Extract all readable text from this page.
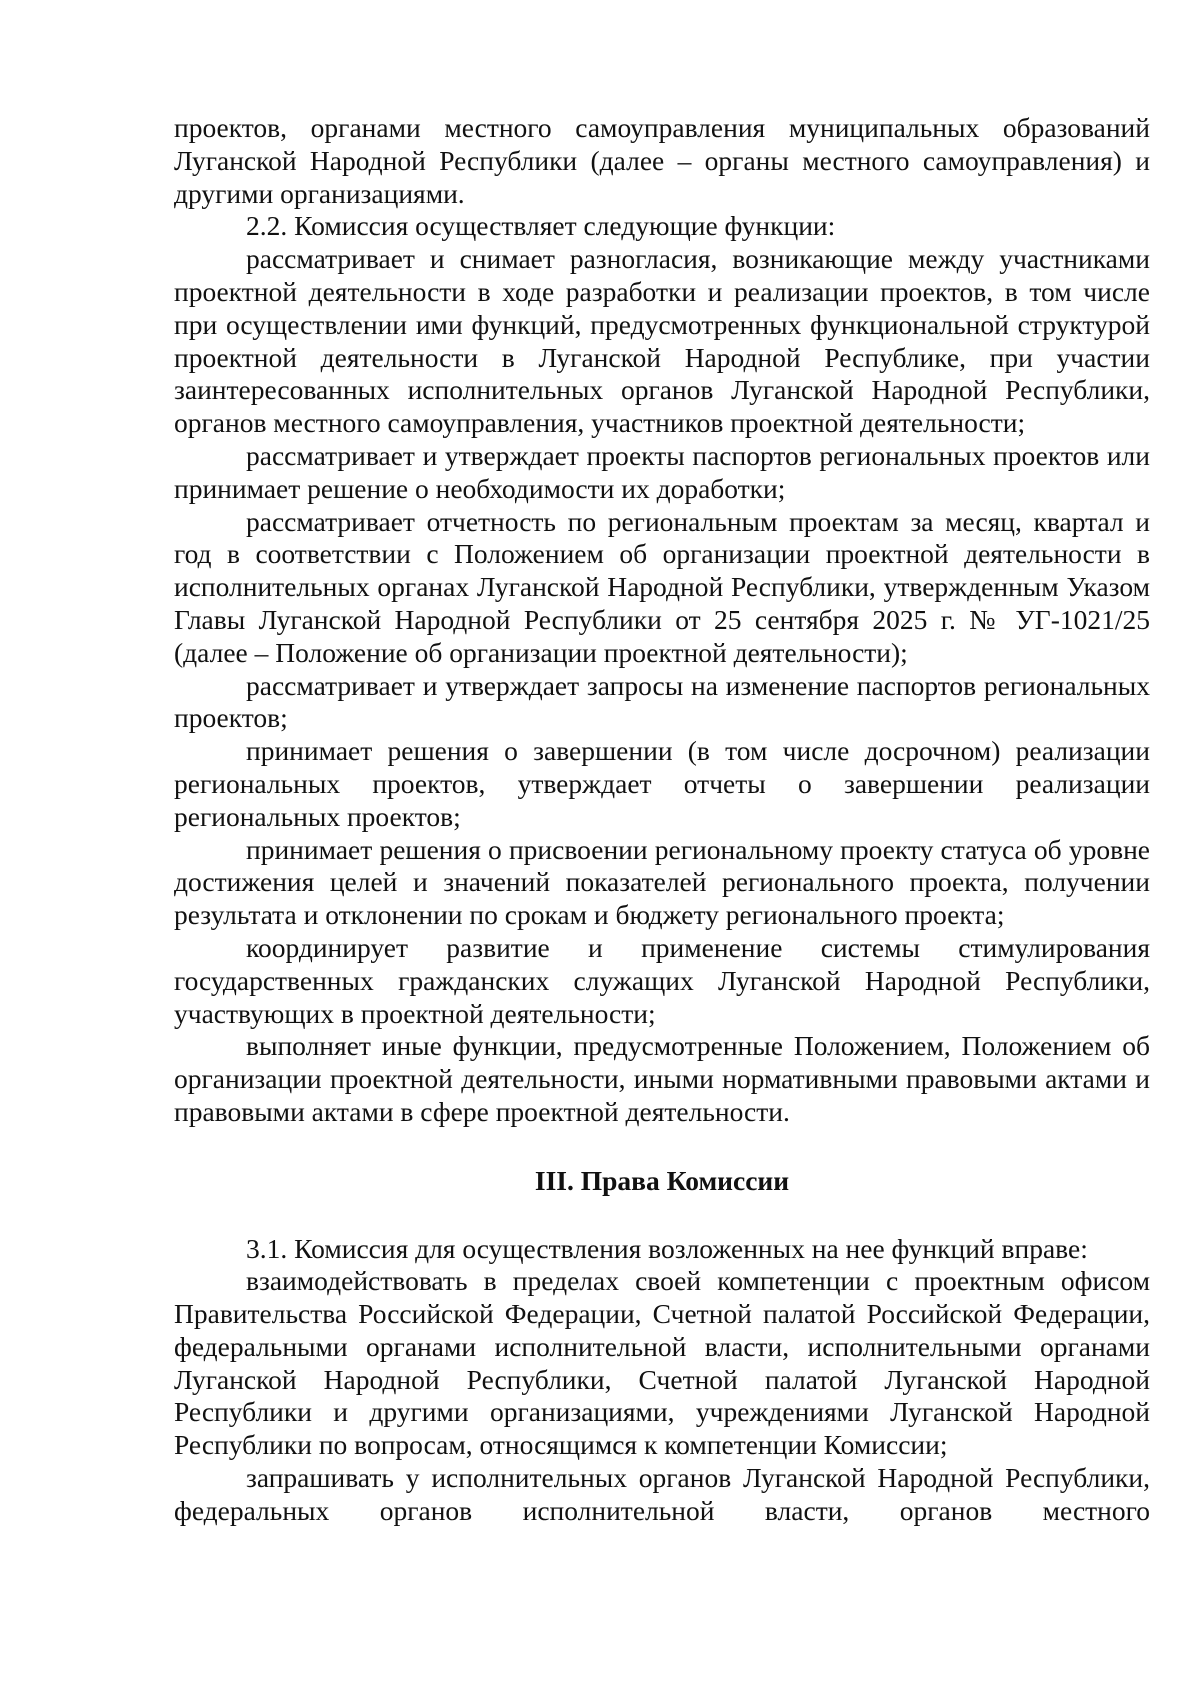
проектов, органами местного самоуправления муниципальных образований Луганской Народной Республики (далее – органы местного самоуправления) и другими организациями.

2.2. Комиссия осуществляет следующие функции:

рассматривает и снимает разногласия, возникающие между участниками проектной деятельности в ходе разработки и реализации проектов, в том числе при осуществлении ими функций, предусмотренных функциональной структурой проектной деятельности в Луганской Народной Республике, при участии заинтересованных исполнительных органов Луганской Народной Республики, органов местного самоуправления, участников проектной деятельности;

рассматривает и утверждает проекты паспортов региональных проектов или принимает решение о необходимости их доработки;

рассматривает отчетность по региональным проектам за месяц, квартал и год в соответствии с Положением об организации проектной деятельности в исполнительных органах Луганской Народной Республики, утвержденным Указом Главы Луганской Народной Республики от 25 сентября 2025 г. № УГ-1021/25 (далее – Положение об организации проектной деятельности);

рассматривает и утверждает запросы на изменение паспортов региональных проектов;

принимает решения о завершении (в том числе досрочном) реализации региональных проектов, утверждает отчеты о завершении реализации региональных проектов;

принимает решения о присвоении региональному проекту статуса об уровне достижения целей и значений показателей регионального проекта, получении результата и отклонении по срокам и бюджету регионального проекта;

координирует развитие и применение системы стимулирования государственных гражданских служащих Луганской Народной Республики, участвующих в проектной деятельности;

выполняет иные функции, предусмотренные Положением, Положением об организации проектной деятельности, иными нормативными правовыми актами и правовыми актами в сфере проектной деятельности.

III. Права Комиссии

3.1. Комиссия для осуществления возложенных на нее функций вправе:

взаимодействовать в пределах своей компетенции с проектным офисом Правительства Российской Федерации, Счетной палатой Российской Федерации, федеральными органами исполнительной власти, исполнительными органами Луганской Народной Республики, Счетной палатой Луганской Народной Республики и другими организациями, учреждениями Луганской Народной Республики по вопросам, относящимся к компетенции Комиссии;

запрашивать у исполнительных органов Луганской Народной Республики, федеральных органов исполнительной власти, органов местного
